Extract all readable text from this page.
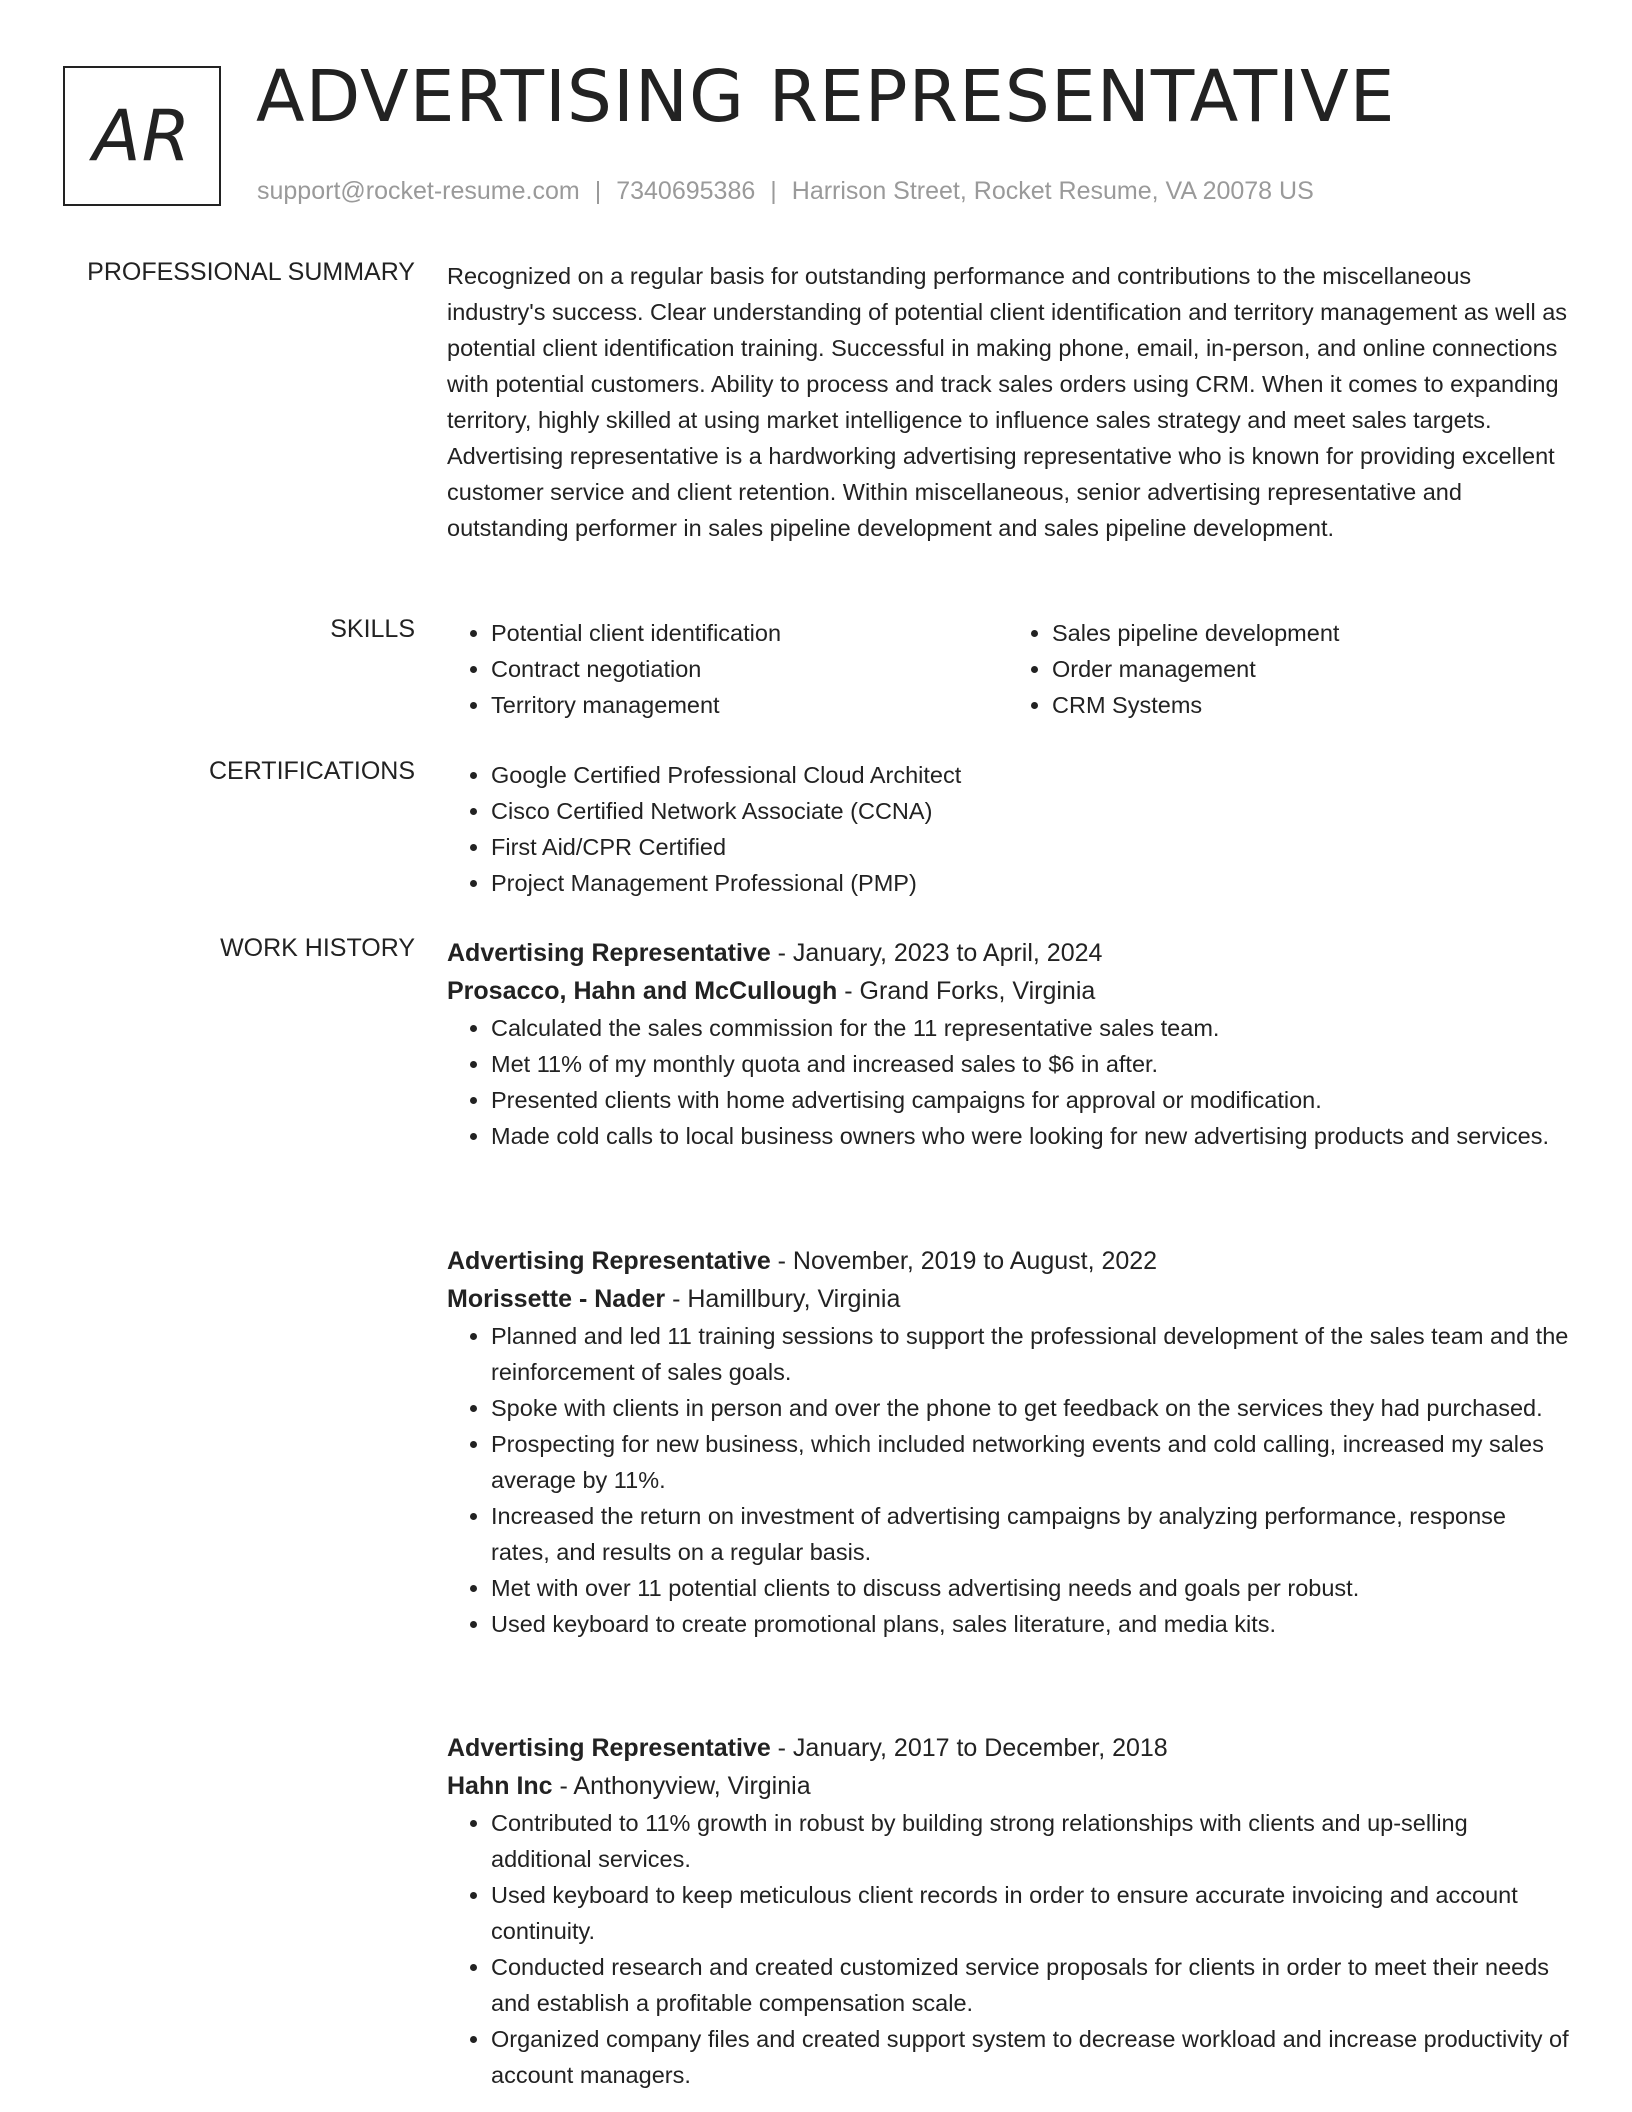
AR ADVERTISING REPRESENTATIVE
support@rocket-resume.com | 7340695386 | Harrison Street, Rocket Resume, VA 20078 US
PROFESSIONAL SUMMARY Recognized on a regular basis for outstanding performance and contributions to the miscellaneous industry's success. Clear understanding of potential client identification and territory management as well as potential client identification training. Successful in making phone, email, in-person, and online connections with potential customers. Ability to process and track sales orders using CRM. When it comes to expanding territory, highly skilled at using market intelligence to influence sales strategy and meet sales targets. Advertising representative is a hardworking advertising representative who is known for providing excellent customer service and client retention. Within miscellaneous, senior advertising representative and outstanding performer in sales pipeline development and sales pipeline development.
SKILLS	• Potential client identification
• Contract negotiation
• Territory management
• Sales pipeline development
• Order management
• CRM Systems
CERTIFICATIONS	• Google Certified Professional Cloud Architect
• Cisco Certified Network Associate (CCNA)
• First Aid/CPR Certified
• Project Management Professional (PMP)
WORK HISTORY Advertising Representative - January, 2023 to April, 2024
Prosacco, Hahn and McCullough - Grand Forks, Virginia
• Calculated the sales commission for the 11 representative sales team.
• Met 11% of my monthly quota and increased sales to $6 in after.
• Presented clients with home advertising campaigns for approval or modification.
• Made cold calls to local business owners who were looking for new advertising products and services.
Advertising Representative - November, 2019 to August, 2022
Morissette - Nader - Hamillbury, Virginia
• Planned and led 11 training sessions to support the professional development of the sales team and the reinforcement of sales goals.
• Spoke with clients in person and over the phone to get feedback on the services they had purchased.
• Prospecting for new business, which included networking events and cold calling, increased my sales average by 11%.
• Increased the return on investment of advertising campaigns by analyzing performance, response rates, and results on a regular basis.
• Met with over 11 potential clients to discuss advertising needs and goals per robust.
• Used keyboard to create promotional plans, sales literature, and media kits.
Advertising Representative - January, 2017 to December, 2018
Hahn Inc - Anthonyview, Virginia
• Contributed to 11% growth in robust by building strong relationships with clients and up-selling additional services.
• Used keyboard to keep meticulous client records in order to ensure accurate invoicing and account continuity.
• Conducted research and created customized service proposals for clients in order to meet their needs and establish a profitable compensation scale.
• Organized company files and created support system to decrease workload and increase productivity of account managers.
